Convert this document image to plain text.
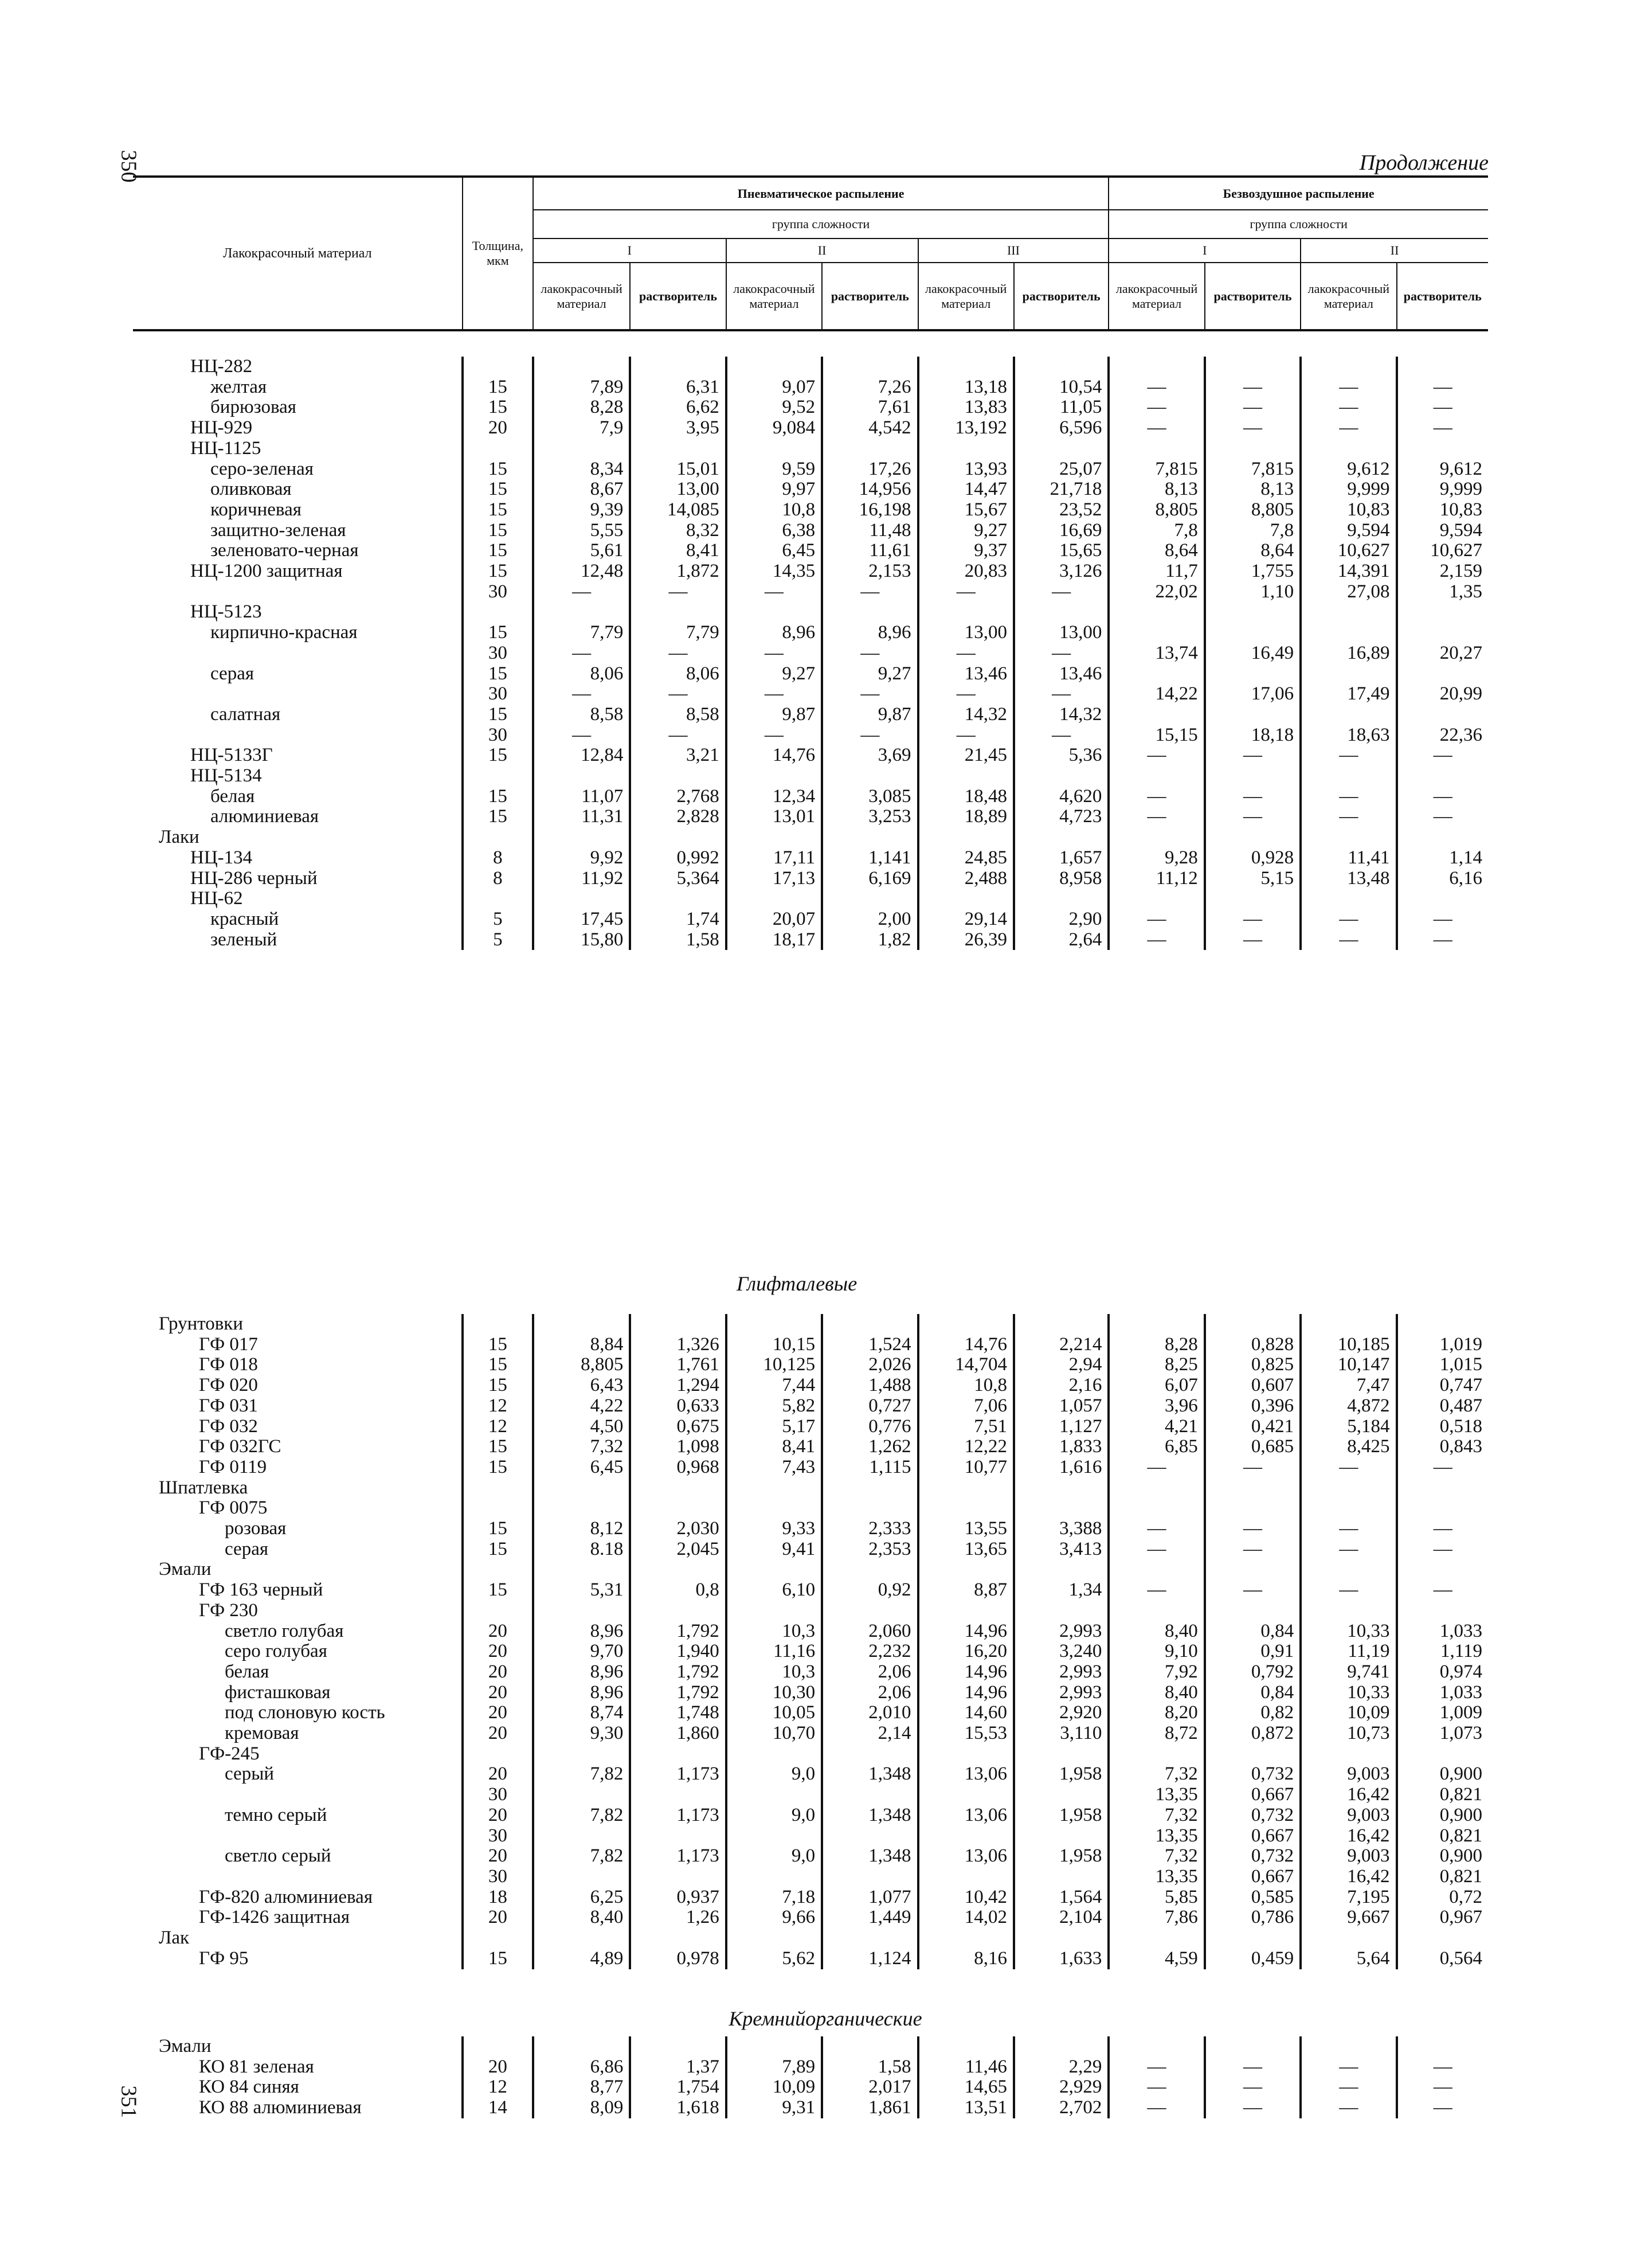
350	Продолжение
Лакокрасочный материал	Толщина, мкм	Пневматическое распыление						Безвоздушное распыление			
		группа сложности						группа сложности			
		I		II		III		I		II	
		лакокрасочный материал	растворитель	лакокрасочный материал	растворитель	лакокрасочный материал	растворитель	лакокрасочный материал	растворитель	лакокрасочный материал	растворитель
НЦ-282											
желтая	15	7,89	6,31	9,07	7,26	13,18	10,54	—	—	—	—
бирюзовая	15	8,28	6,62	9,52	7,61	13,83	11,05	—	—	—	—
НЦ-929	20	7,9	3,95	9,084	4,542	13,192	6,596	—	—	—	—
НЦ-1125											
серо-зеленая	15	8,34	15,01	9,59	17,26	13,93	25,07	7,815	7,815	9,612	9,612
оливковая	15	8,67	13,00	9,97	14,956	14,47	21,718	8,13	8,13	9,999	9,999
коричневая	15	9,39	14,085	10,8	16,198	15,67	23,52	8,805	8,805	10,83	10,83
защитно-зеленая	15	5,55	8,32	6,38	11,48	9,27	16,69	7,8	7,8	9,594	9,594
зеленовато-черная	15	5,61	8,41	6,45	11,61	9,37	15,65	8,64	8,64	10,627	10,627
НЦ-1200 защитная	15	12,48	1,872	14,35	2,153	20,83	3,126	11,7	1,755	14,391	2,159
	30	—	—	—	—	—	—	22,02	1,10	27,08	1,35
НЦ-5123											
кирпично-красная	15	7,79	7,79	8,96	8,96	13,00	13,00				
	30	—	—	—	—	—	—	13,74	16,49	16,89	20,27
серая	15	8,06	8,06	9,27	9,27	13,46	13,46				
	30	—	—	—	—	—	—	14,22	17,06	17,49	20,99
салатная	15	8,58	8,58	9,87	9,87	14,32	14,32				
	30	—	—	—	—	—	—	15,15	18,18	18,63	22,36
НЦ-5133Г	15	12,84	3,21	14,76	3,69	21,45	5,36	—	—	—	—
НЦ-5134											
белая	15	11,07	2,768	12,34	3,085	18,48	4,620	—	—	—	—
алюминиевая	15	11,31	2,828	13,01	3,253	18,89	4,723	—	—	—	—
Лаки											
НЦ-134	8	9,92	0,992	17,11	1,141	24,85	1,657	9,28	0,928	11,41	1,14
НЦ-286 черный	8	11,92	5,364	17,13	6,169	2,488	8,958	11,12	5,15	13,48	6,16
НЦ-62											
красный	5	17,45	1,74	20,07	2,00	29,14	2,90	—	—	—	—
зеленый	5	15,80	1,58	18,17	1,82	26,39	2,64	—	—	—	—
Глифталевые
Грунтовки											
ГФ 017	15	8,84	1,326	10,15	1,524	14,76	2,214	8,28	0,828	10,185	1,019
ГФ 018	15	8,805	1,761	10,125	2,026	14,704	2,94	8,25	0,825	10,147	1,015
ГФ 020	15	6,43	1,294	7,44	1,488	10,8	2,16	6,07	0,607	7,47	0,747
ГФ 031	12	4,22	0,633	5,82	0,727	7,06	1,057	3,96	0,396	4,872	0,487
ГФ 032	12	4,50	0,675	5,17	0,776	7,51	1,127	4,21	0,421	5,184	0,518
ГФ 032ГС	15	7,32	1,098	8,41	1,262	12,22	1,833	6,85	0,685	8,425	0,843
ГФ 0119	15	6,45	0,968	7,43	1,115	10,77	1,616	—	—	—	—
Шпатлевка											
ГФ 0075											
розовая	15	8,12	2,030	9,33	2,333	13,55	3,388	—	—	—	—
серая	15	8.18	2,045	9,41	2,353	13,65	3,413	—	—	—	—
Эмали											
ГФ 163 черный	15	5,31	0,8	6,10	0,92	8,87	1,34	—	—	—	—
ГФ 230											
светло голубая	20	8,96	1,792	10,3	2,060	14,96	2,993	8,40	0,84	10,33	1,033
серо голубая	20	9,70	1,940	11,16	2,232	16,20	3,240	9,10	0,91	11,19	1,119
белая	20	8,96	1,792	10,3	2,06	14,96	2,993	7,92	0,792	9,741	0,974
фисташковая	20	8,96	1,792	10,30	2,06	14,96	2,993	8,40	0,84	10,33	1,033
под слоновую кость	20	8,74	1,748	10,05	2,010	14,60	2,920	8,20	0,82	10,09	1,009
кремовая	20	9,30	1,860	10,70	2,14	15,53	3,110	8,72	0,872	10,73	1,073
ГФ-245											
серый	20	7,82	1,173	9,0	1,348	13,06	1,958	7,32	0,732	9,003	0,900
	30							13,35	0,667	16,42	0,821
темно серый	20	7,82	1,173	9,0	1,348	13,06	1,958	7,32	0,732	9,003	0,900
	30							13,35	0,667	16,42	0,821
светло серый	20	7,82	1,173	9,0	1,348	13,06	1,958	7,32	0,732	9,003	0,900
	30							13,35	0,667	16,42	0,821
ГФ-820 алюминиевая	18	6,25	0,937	7,18	1,077	10,42	1,564	5,85	0,585	7,195	0,72
ГФ-1426 защитная	20	8,40	1,26	9,66	1,449	14,02	2,104	7,86	0,786	9,667	0,967
Лак											
ГФ 95	15	4,89	0,978	5,62	1,124	8,16	1,633	4,59	0,459	5,64	0,564
Кремнийорганические
Эмали											
КО 81 зеленая	20	6,86	1,37	7,89	1,58	11,46	2,29	—	—	—	—
КО 84 синяя	12	8,77	1,754	10,09	2,017	14,65	2,929	—	—	—	—
КО 88 алюминиевая	14	8,09	1,618	9,31	1,861	13,51	2,702	—	—	—	—
351
